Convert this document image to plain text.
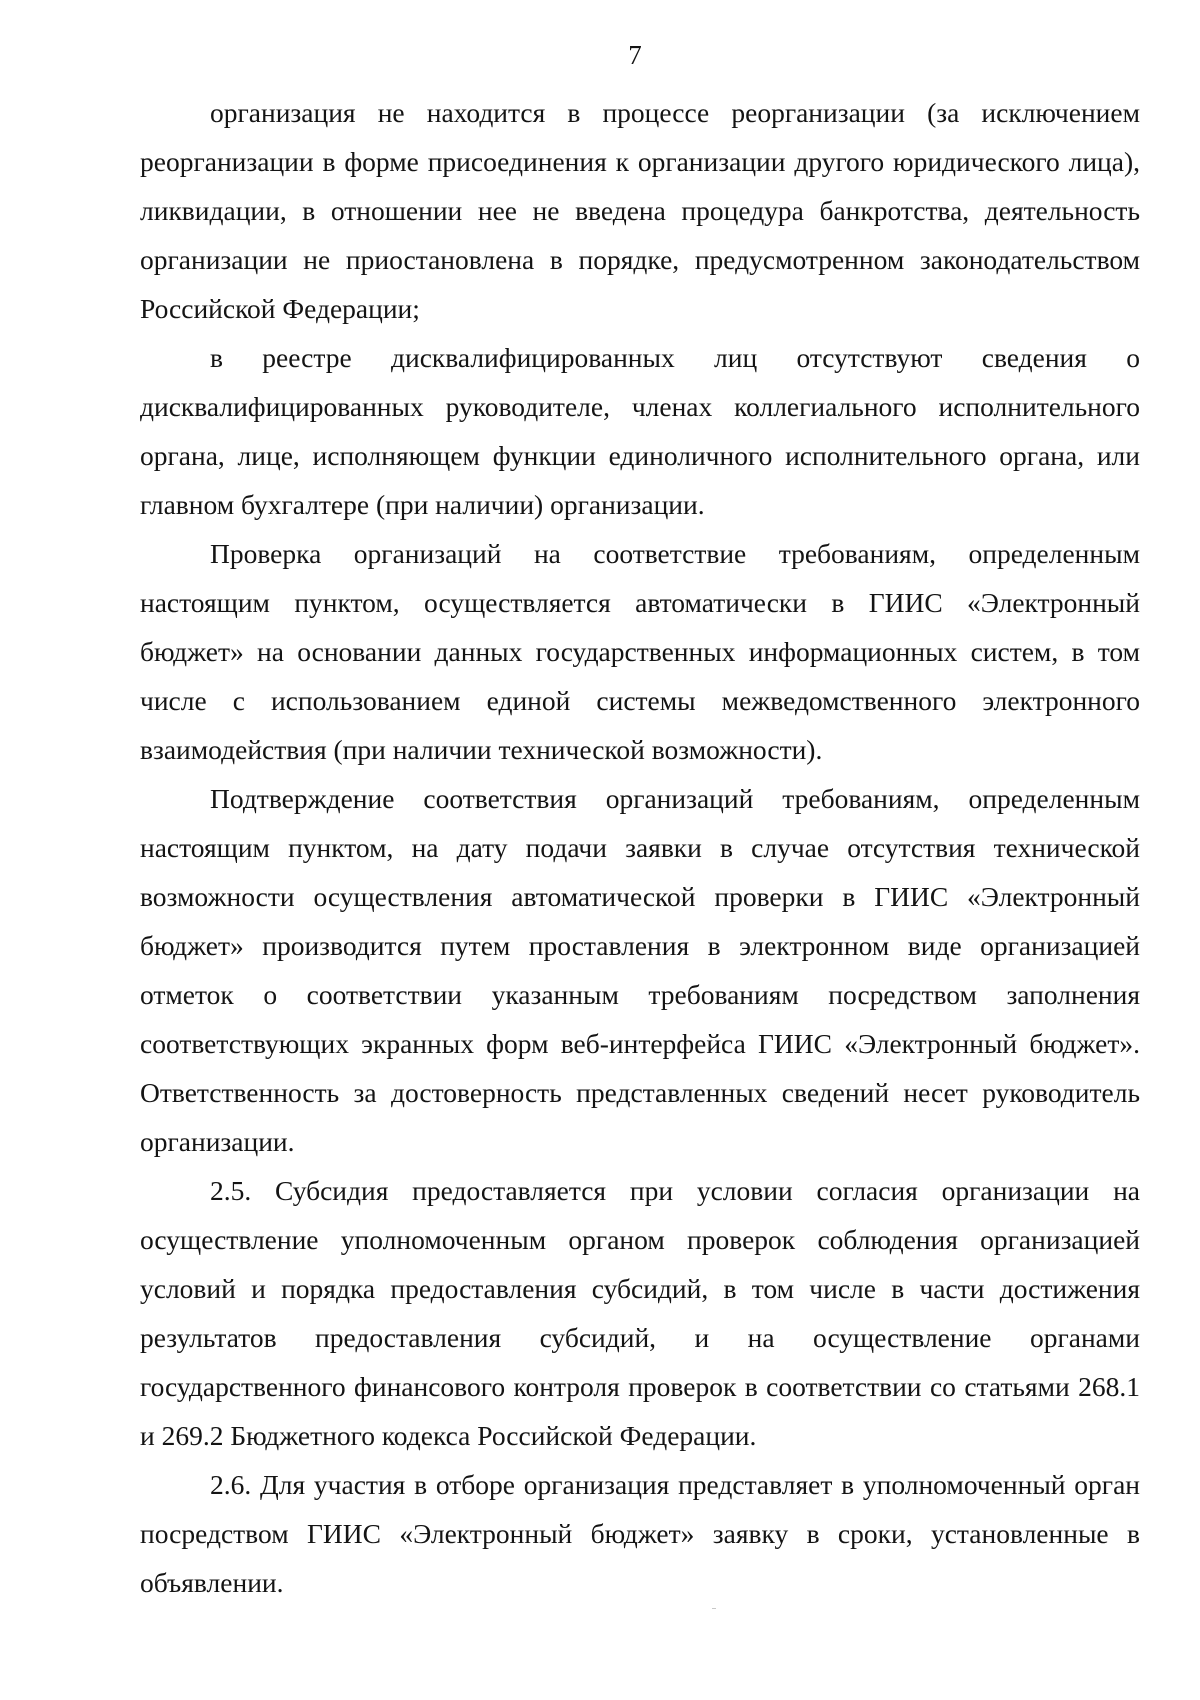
7

организация не находится в процессе реорганизации (за исключением реорганизации в форме присоединения к организации другого юридического лица), ликвидации, в отношении нее не введена процедура банкротства, деятельность организации не приостановлена в порядке, предусмотренном законодательством Российской Федерации;

в реестре дисквалифицированных лиц отсутствуют сведения о дисквалифицированных руководителе, членах коллегиального исполнительного органа, лице, исполняющем функции единоличного исполнительного органа, или главном бухгалтере (при наличии) организации.

Проверка организаций на соответствие требованиям, определенным настоящим пунктом, осуществляется автоматически в ГИИС «Электронный бюджет» на основании данных государственных информационных систем, в том числе с использованием единой системы межведомственного электронного взаимодействия (при наличии технической возможности).

Подтверждение соответствия организаций требованиям, определенным настоящим пунктом, на дату подачи заявки в случае отсутствия технической возможности осуществления автоматической проверки в ГИИС «Электронный бюджет» производится путем проставления в электронном виде организацией отметок о соответствии указанным требованиям посредством заполнения соответствующих экранных форм веб-интерфейса ГИИС «Электронный бюджет». Ответственность за достоверность представленных сведений несет руководитель организации.

2.5. Субсидия предоставляется при условии согласия организации на осуществление уполномоченным органом проверок соблюдения организацией условий и порядка предоставления субсидий, в том числе в части достижения результатов предоставления субсидий, и на осуществление органами государственного финансового контроля проверок в соответствии со статьями 268.1 и 269.2 Бюджетного кодекса Российской Федерации.

2.6. Для участия в отборе организация представляет в уполномоченный орган посредством ГИИС «Электронный бюджет» заявку в сроки, установленные в объявлении.
